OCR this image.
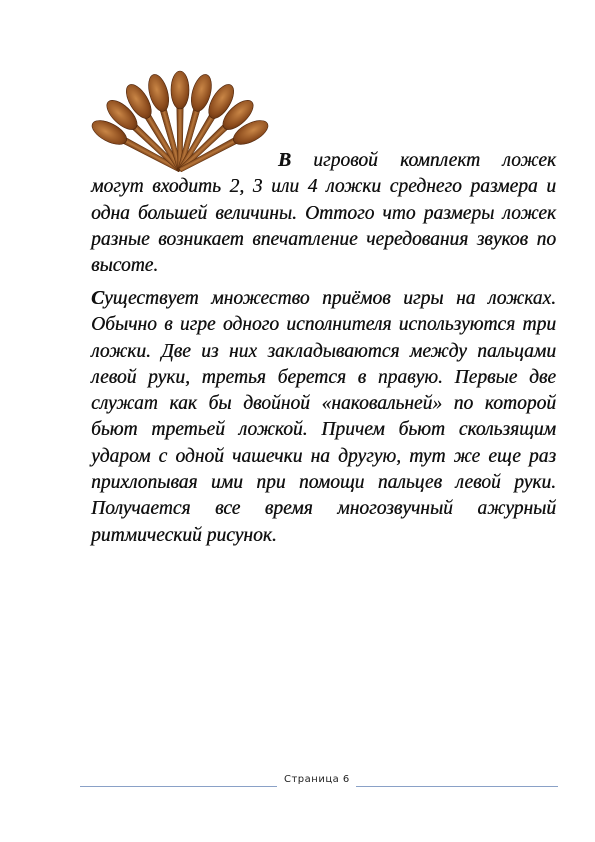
В игровой комплект ложек могут входить 2, 3 или 4 ложки среднего размера и одна большей величины. Оттого что размеры ложек разные возникает впечатление чередования звуков по высоте.

Существует множество приёмов игры на ложках. Обычно в игре одного исполнителя используются три ложки. Две из них закладываются между пальцами левой руки, третья берется в правую. Первые две служат как бы двойной «наковальней» по которой бьют третьей ложкой. Причем бьют скользящим ударом с одной чашечки на другую, тут же еще раз прихлопывая ими при помощи пальцев левой руки. Получается все время многозвучный ажурный ритмический рисунок.

Страница 6
